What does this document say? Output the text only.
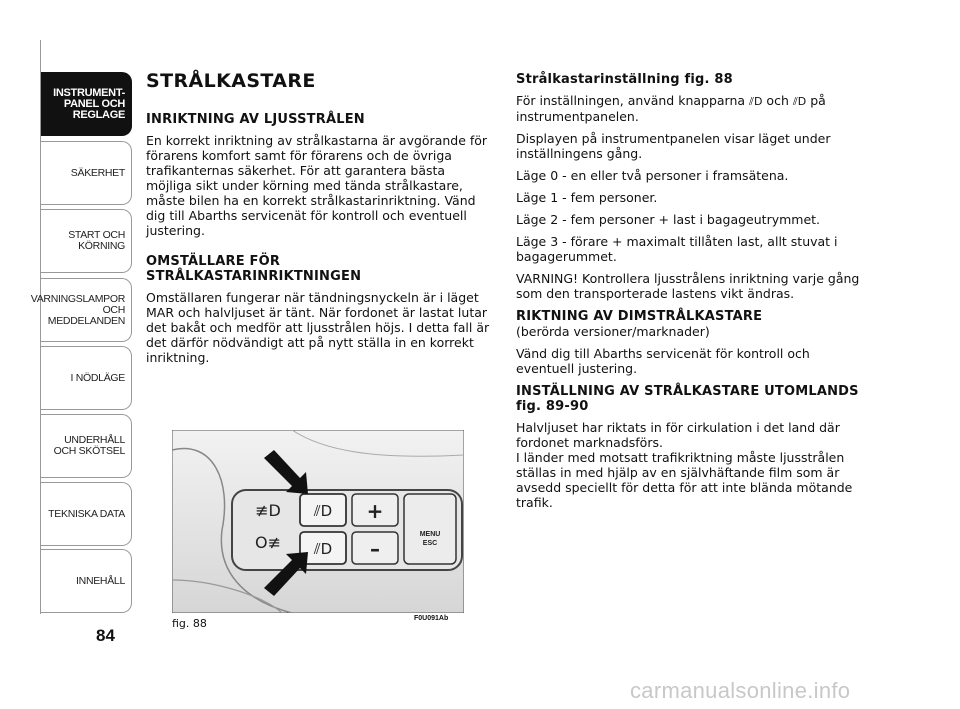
INSTRUMENT-
PANEL OCH
REGLAGE
SÄKERHET
START OCH
KÖRNING
VARNINGSLAMPOR
OCH
MEDDELANDEN
I NÖDLÄGE
UNDERHÅLL
OCH SKÖTSEL
TEKNISKA DATA
INNEHÅLL
84
STRÅLKASTARE
INRIKTNING AV LJUSSTRÅLEN

En korrekt inriktning av strålkastarna är avgörande för förarens komfort samt för förarens och de övriga trafikanternas säkerhet. För att garantera bästa möjliga sikt under körning med tända strålkastare, måste bilen ha en korrekt strålkastarinriktning. Vänd dig till Abarths servicenät för kontroll och eventuell justering.

OMSTÄLLARE FÖR STRÅLKASTARINRIKTNINGEN

Omställaren fungerar när tändningsnyckeln är i läget MAR och halvljuset är tänt. När fordonet är lastat lutar det bakåt och medför att ljusstrålen höjs. I detta fall är det därför nödvändigt att på nytt ställa in en korrekt inriktning.

≢D
O≢
⫽D
⫽D
+
–
MENU
ESC
fig. 88	F0U091Ab
Strålkastarinställning fig. 88

För inställningen, använd knapparna ⫽D och ⫽D på instrumentpanelen.

Displayen på instrumentpanelen visar läget under inställningens gång.

Läge 0 - en eller två personer i framsätena.

Läge 1 - fem personer.

Läge 2 - fem personer + last i bagageutrymmet.

Läge 3 - förare + maximalt tillåten last, allt stuvat i bagagerummet.

VARNING! Kontrollera ljusstrålens inriktning varje gång som den transporterade lastens vikt ändras.

RIKTNING AV DIMSTRÅLKASTARE

(berörda versioner/marknader)

Vänd dig till Abarths servicenät för kontroll och eventuell justering.

INSTÄLLNING AV STRÅLKASTARE UTOMLANDS fig. 89-90

Halvljuset har riktats in för cirkulation i det land där fordonet marknadsförs.
I länder med motsatt trafikriktning måste ljusstrålen ställas in med hjälp av en självhäftande film som är avsedd speciellt för detta för att inte blända mötande trafik.

carmanualsonline.info
